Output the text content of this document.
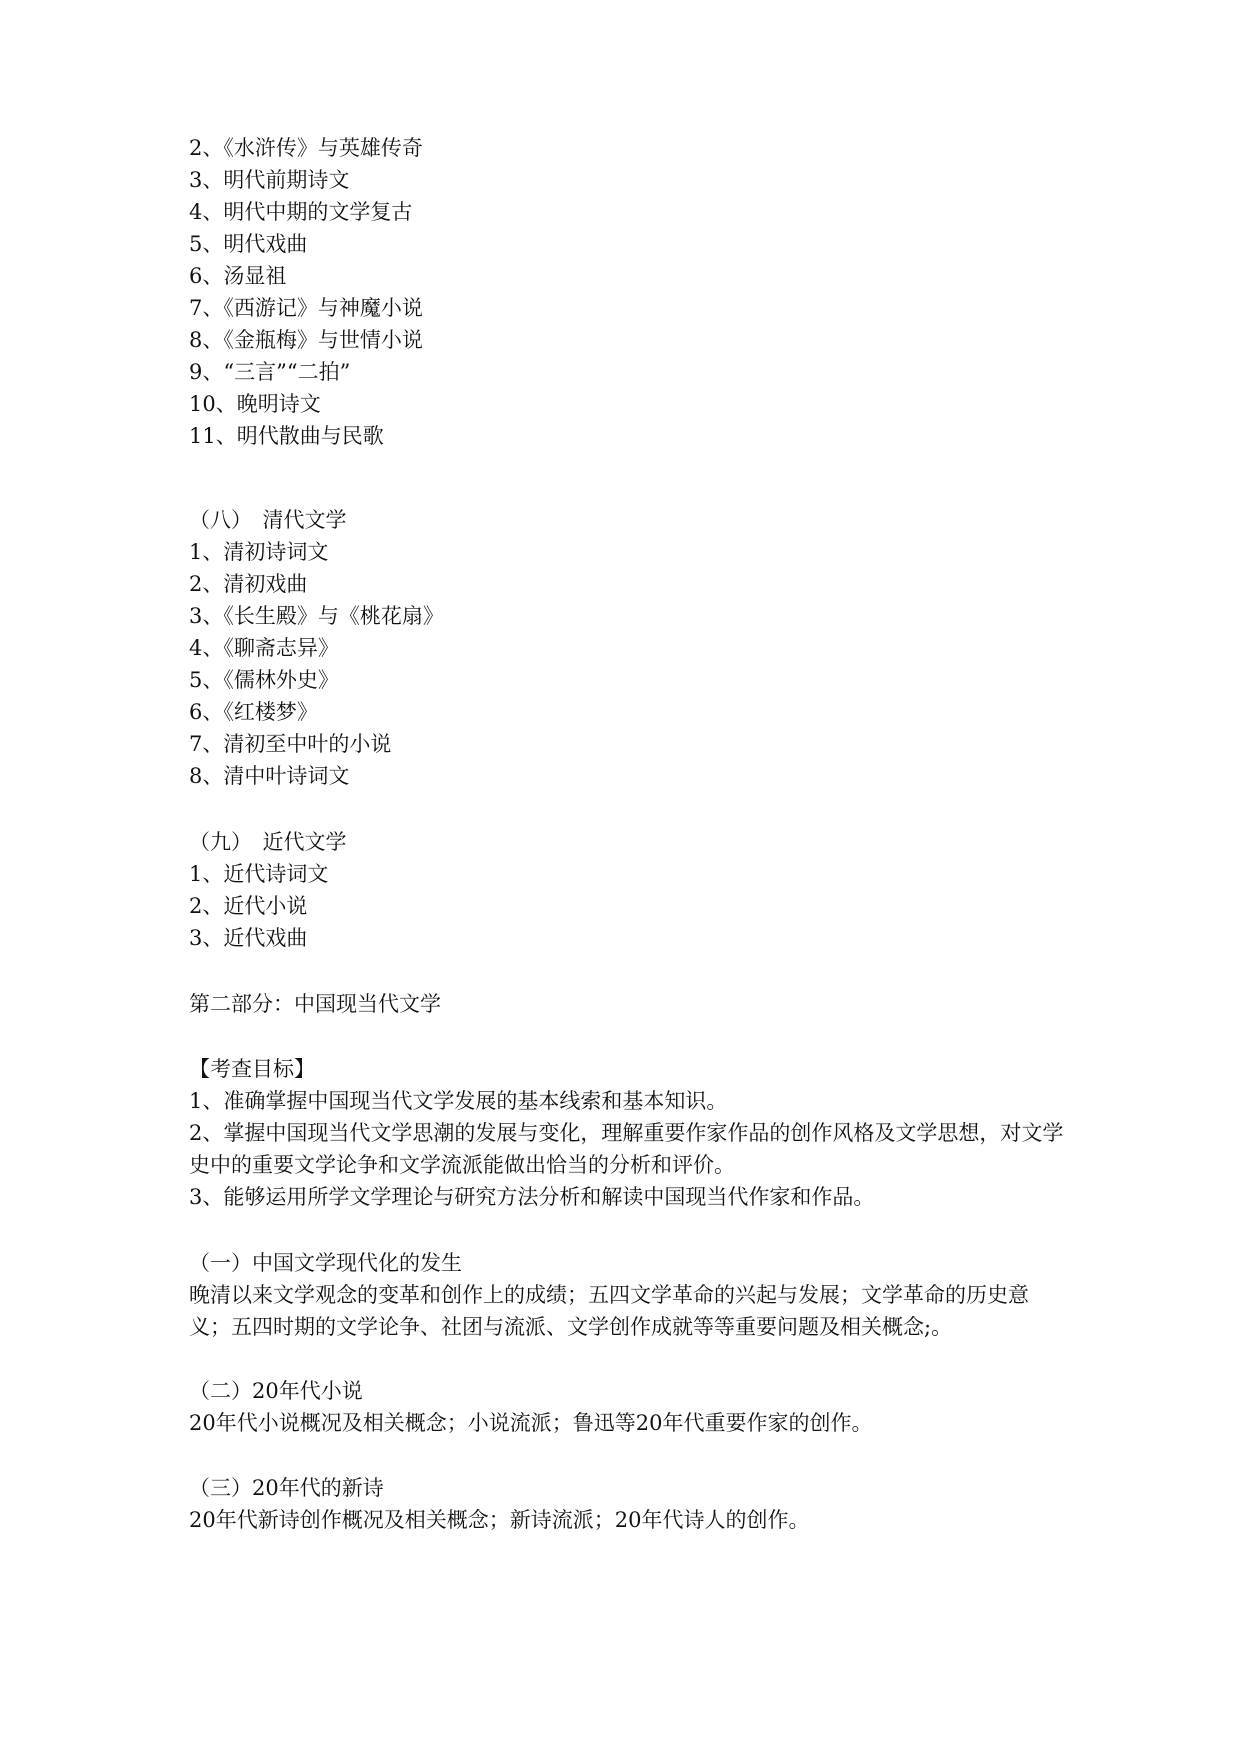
2、《水浒传》与英雄传奇
3、明代前期诗文
4、明代中期的文学复古
5、明代戏曲
6、汤显祖
7、《西游记》与神魔小说
8、《金瓶梅》与世情小说
9、“三言”“二拍”
10、晚明诗文
11、明代散曲与民歌
（八）　清代文学
1、清初诗词文
2、清初戏曲
3、《长生殿》与《桃花扇》
4、《聊斋志异》
5、《儒林外史》
6、《红楼梦》
7、清初至中叶的小说
8、清中叶诗词文
（九）　近代文学
1、近代诗词文
2、近代小说
3、近代戏曲
第二部分：中国现当代文学
【考查目标】
1、准确掌握中国现当代文学发展的基本线索和基本知识。
2、掌握中国现当代文学思潮的发展与变化，理解重要作家作品的创作风格及文学思想，对文学史中的重要文学论争和文学流派能做出恰当的分析和评价。
3、能够运用所学文学理论与研究方法分析和解读中国现当代作家和作品。
（一）中国文学现代化的发生
晚清以来文学观念的变革和创作上的成绩；五四文学革命的兴起与发展；文学革命的历史意义；五四时期的文学论争、社团与流派、文学创作成就等等重要问题及相关概念;。
（二）20年代小说
20年代小说概况及相关概念；小说流派；鲁迅等20年代重要作家的创作。
（三）20年代的新诗
20年代新诗创作概况及相关概念；新诗流派；20年代诗人的创作。
